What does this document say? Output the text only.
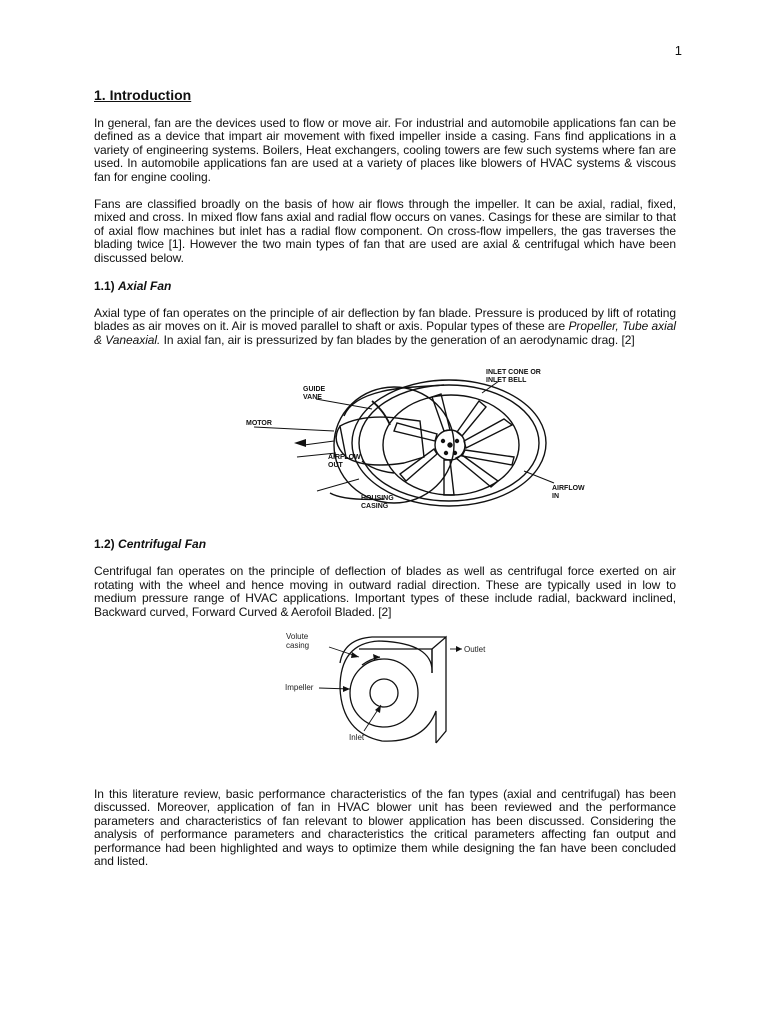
1
1. Introduction

In general, fan are the devices used to flow or move air. For industrial and automobile applications fan can be defined as a device that impart air movement with fixed impeller inside a casing. Fans find applications in a variety of engineering systems. Boilers, Heat exchangers, cooling towers are few such systems where fan are used. In automobile applications fan are used at a variety of places like blowers of HVAC systems & viscous fan for engine cooling.

Fans are classified broadly on the basis of how air flows through the impeller. It can be axial, radial, fixed, mixed and cross. In mixed flow fans axial and radial flow occurs on vanes. Casings for these are similar to that of axial flow machines but inlet has a radial flow component. On cross-flow impellers, the gas traverses the blading twice [1]. However the two main types of fan that are used are axial & centrifugal which have been discussed below.

1.1) Axial Fan

Axial type of fan operates on the principle of air deflection by fan blade. Pressure is produced by lift of rotating blades as air moves on it. Air is moved parallel to shaft or axis. Popular types of these are Propeller, Tube axial & Vaneaxial. In axial fan, air is pressurized by fan blades by the generation of an aerodynamic drag. [2]

INLET CONE OR
INLET BELL
GUIDE
VANE
MOTOR
AIRFLOW
OUT
HOUSING
CASING
AIRFLOW
IN
1.2) Centrifugal Fan

Centrifugal fan operates on the principle of deflection of blades as well as centrifugal force exerted on air rotating with the wheel and hence moving in outward radial direction. These are typically used in low to medium pressure range of HVAC applications. Important types of these include radial, backward inclined, Backward curved, Forward Curved & Aerofoil Bladed. [2]

Volute
casing	Outlet
Impeller
Inlet

In this literature review, basic performance characteristics of the fan types (axial and centrifugal) has been discussed. Moreover, application of fan in HVAC blower unit has been reviewed and the performance parameters and characteristics of fan relevant to blower application has been discussed. Considering the analysis of performance parameters and characteristics the critical parameters affecting fan output and performance had been highlighted and ways to optimize them while designing the fan have been concluded and listed.
